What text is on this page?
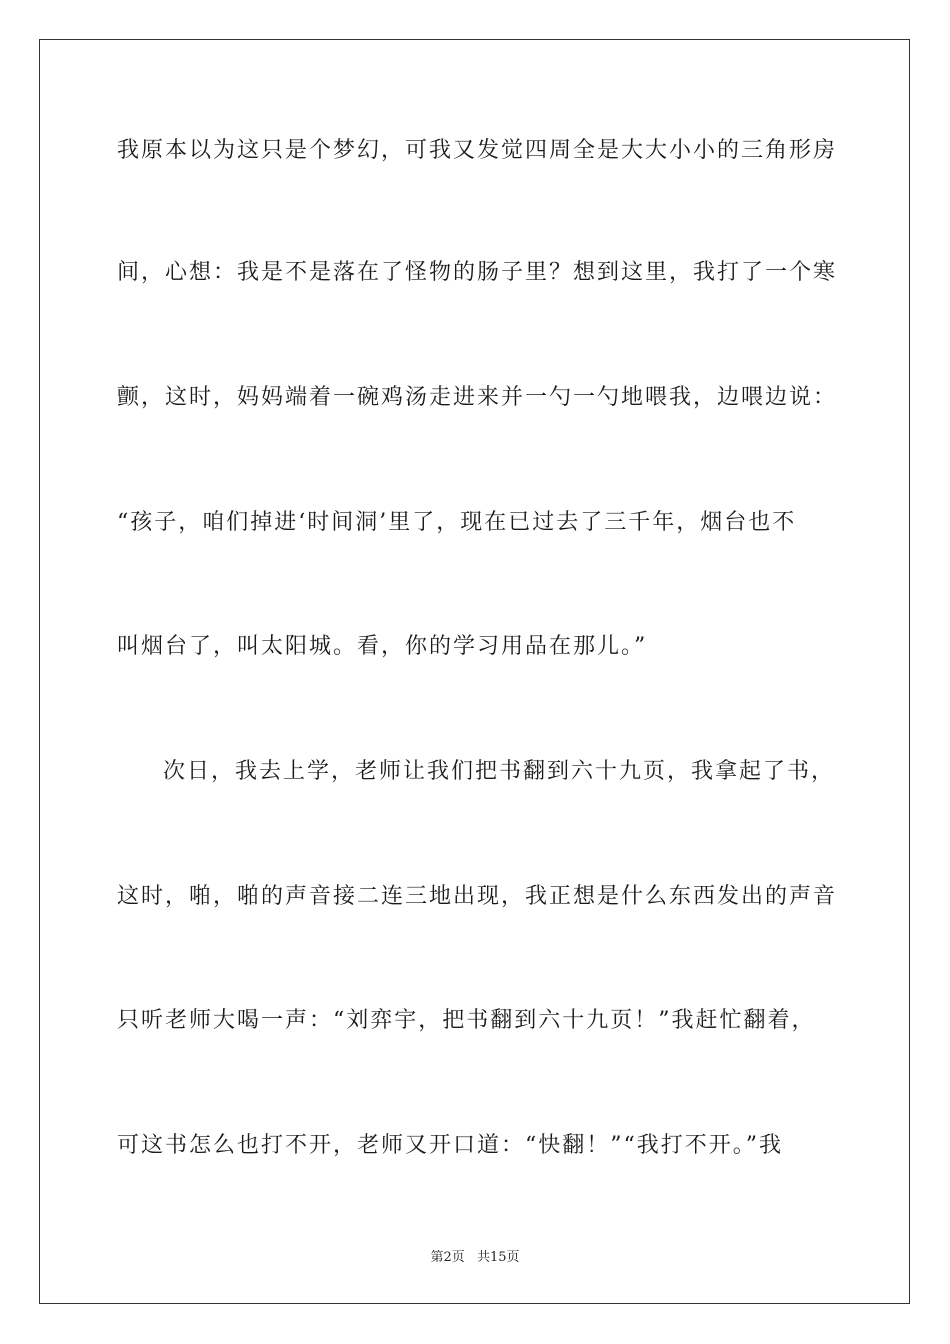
我原本以为这只是个梦幻，可我又发觉四周全是大大小小的三角形房
间，心想：我是不是落在了怪物的肠子里？想到这里，我打了一个寒
颤，这时，妈妈端着一碗鸡汤走进来并一勺一勺地喂我，边喂边说：
“孩子，咱们掉进‘时间洞’里了，现在已过去了三千年，烟台也不
叫烟台了，叫太阳城。看，你的学习用品在那儿。”
次日，我去上学，老师让我们把书翻到六十九页，我拿起了书，
这时，啪，啪的声音接二连三地出现，我正想是什么东西发出的声音
只听老师大喝一声：“刘弈宇，把书翻到六十九页！”我赶忙翻着，
可这书怎么也打不开，老师又开口道：“快翻！”“我打不开。”我
第2页 共15页
